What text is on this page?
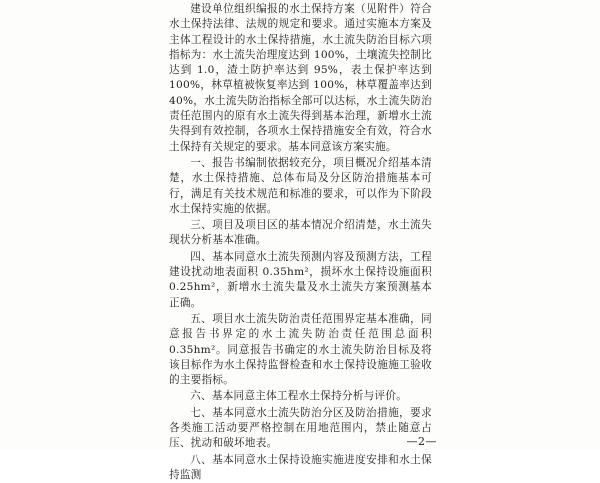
建设单位组织编报的水土保持方案（见附件）符合水土保持法律、法规的规定和要求。通过实施本方案及主体工程设计的水土保持措施，水土流失防治目标六项指标为：水土流失治理度达到 100%，土壤流失控制比达到 1.0，渣土防护率达到 95%，表土保护率达到 100%，林草植被恢复率达到 100%，林草覆盖率达到 40%，水土流失防治指标全部可以达标，水土流失防治责任范围内的原有水土流失得到基本治理，新增水土流失得到有效控制，各项水土保持措施安全有效，符合水土保持有关规定的要求。基本同意该方案实施。

一、报告书编制依据较充分，项目概况介绍基本清楚，水土保持措施、总体布局及分区防治措施基本可行，满足有关技术规范和标准的要求，可以作为下阶段水土保持实施的依据。

三、项目及项目区的基本情况介绍清楚，水土流失现状分析基本准确。

四、基本同意水土流失预测内容及预测方法，工程建设扰动地表面积 0.35hm²，损坏水土保持设施面积 0.25hm²，新增水土流失量及水土流失方案预测基本正确。

五、项目水土流失防治责任范围界定基本准确，同意报告书界定的水土流失防治责任范围总面积 0.35hm²。同意报告书确定的水土流失防治目标及将该目标作为水土保持监督检查和水土保持设施施工验收的主要指标。

六、基本同意主体工程水土保持分析与评价。

七、基本同意水土流失防治分区及防治措施，要求各类施工活动要严格控制在用地范围内，禁止随意占压、扰动和破坏地表。

八、基本同意水土保持设施实施进度安排和水土保持监测

—2—
